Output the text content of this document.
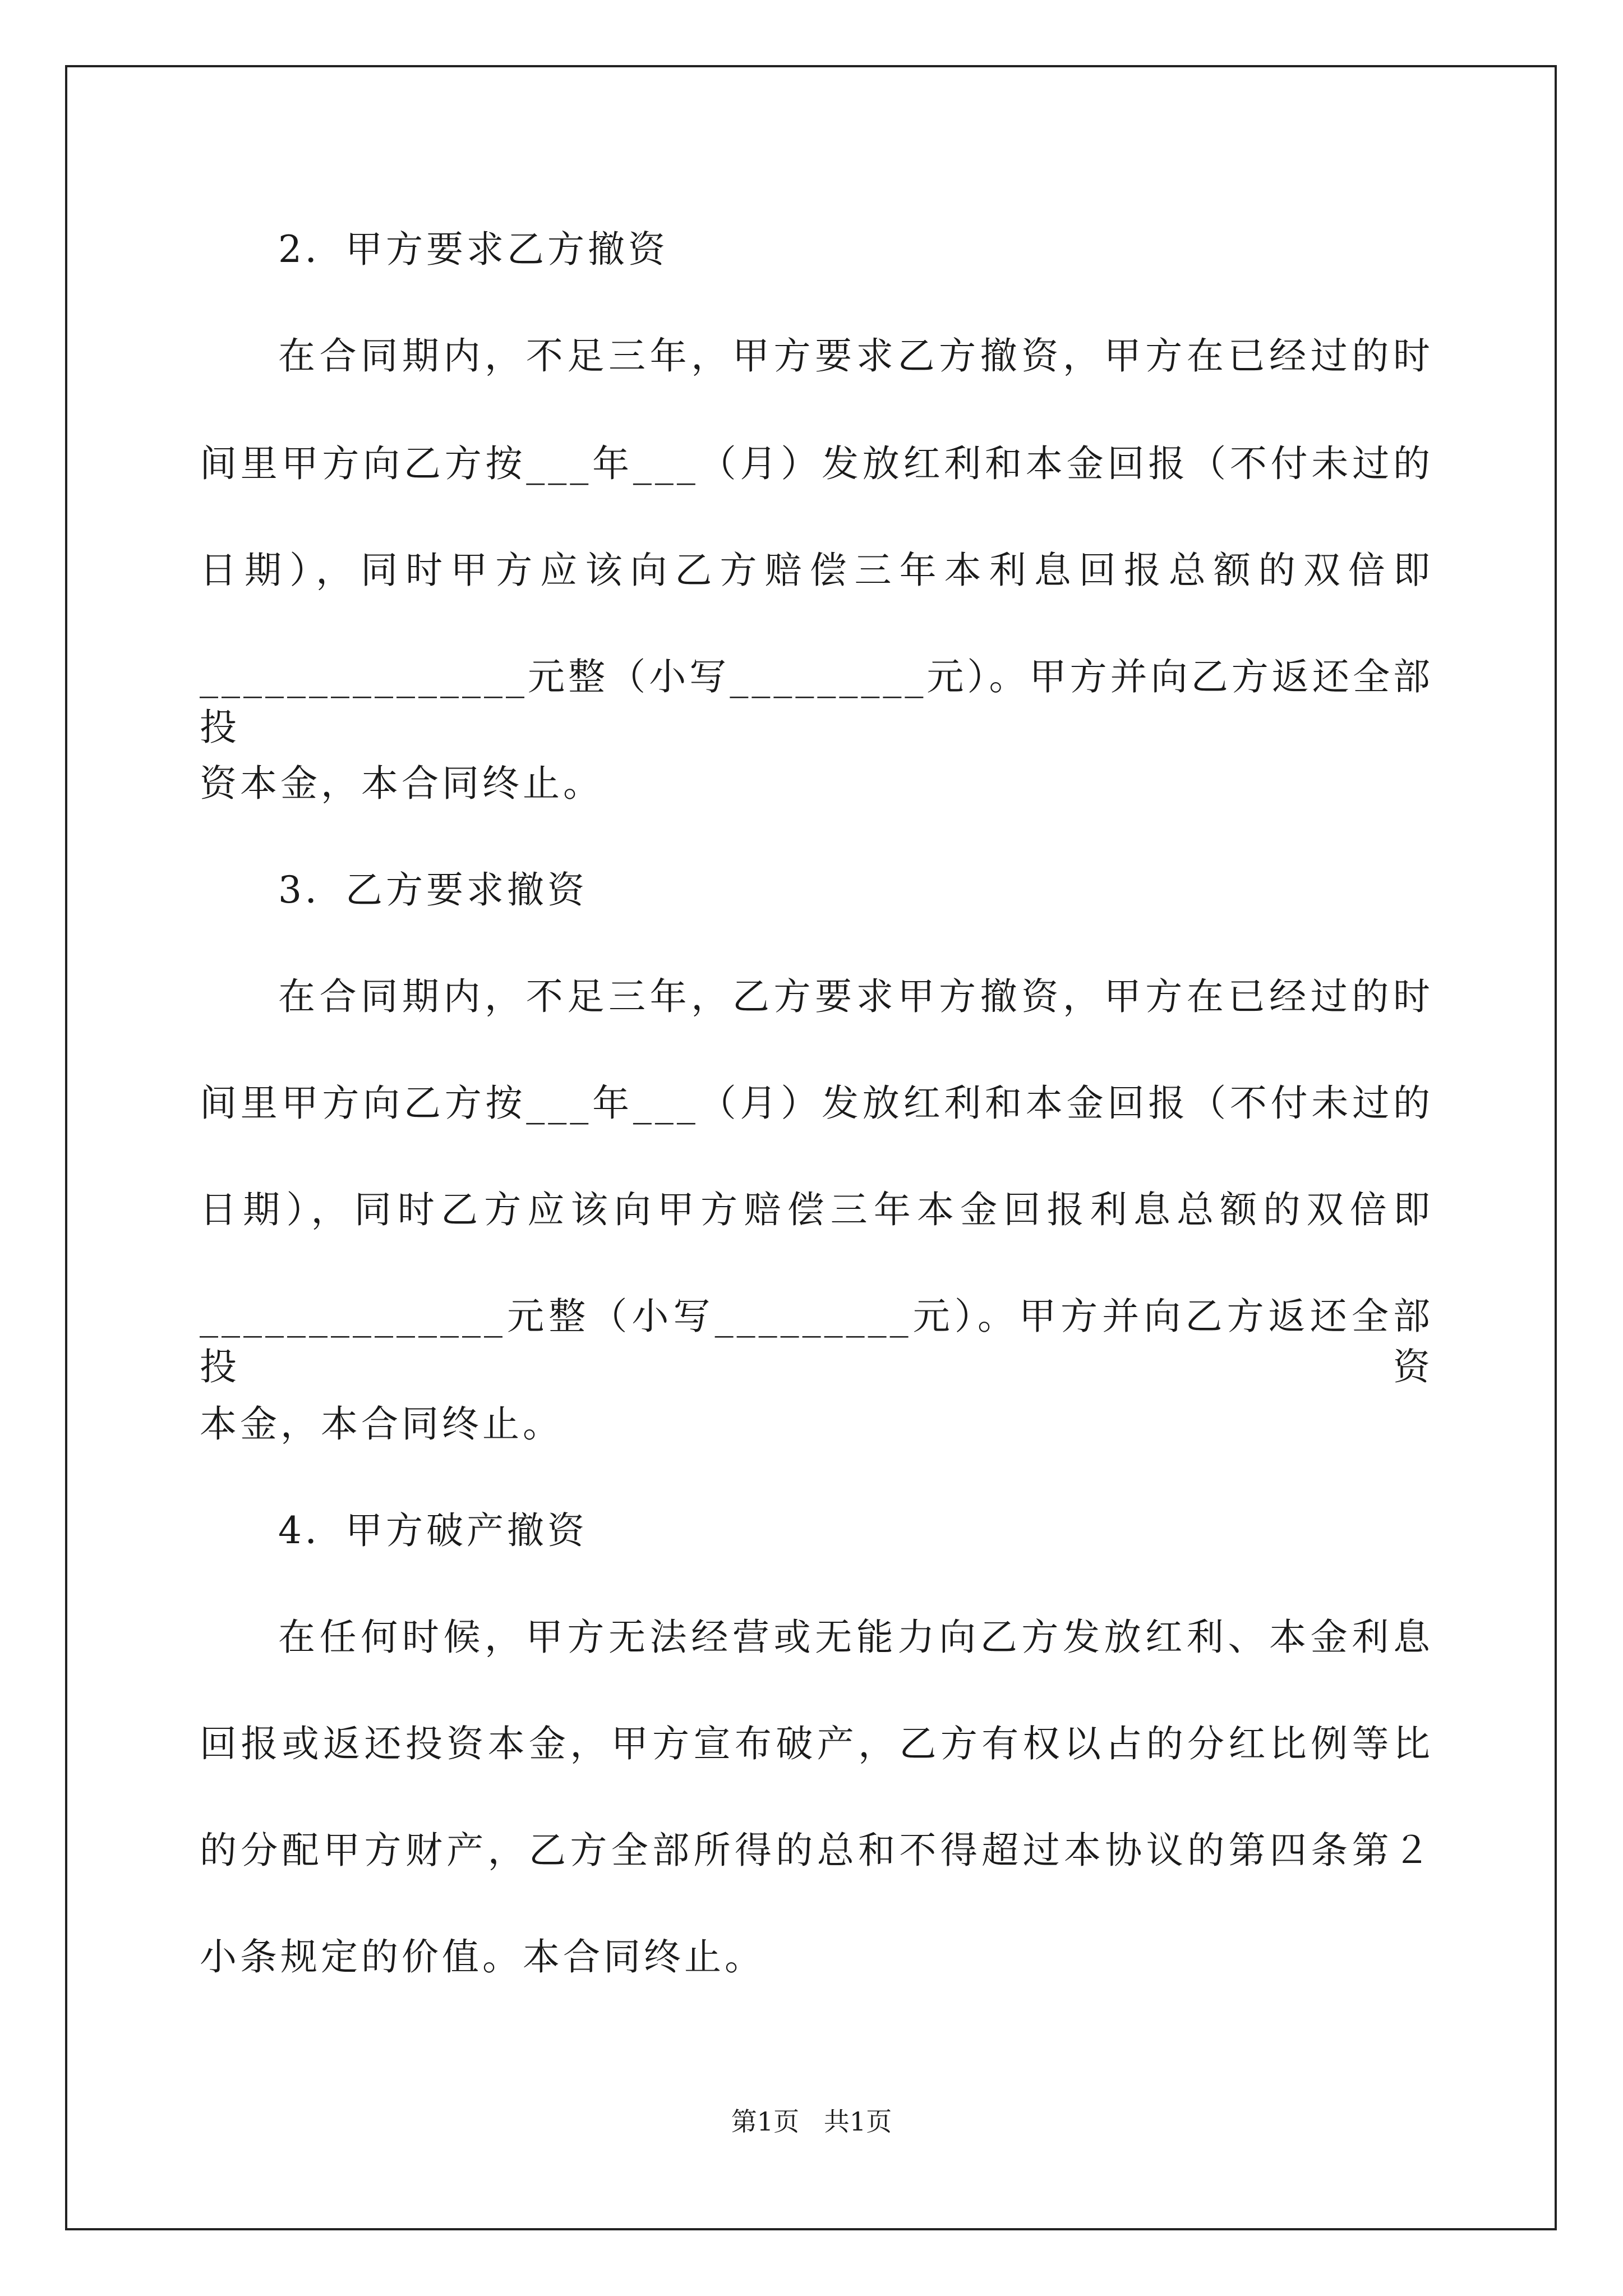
2．甲方要求乙方撤资
在合同期内，不足三年，甲方要求乙方撤资，甲方在已经过的时
间里甲方向乙方按___年___（月）发放红利和本金回报（不付未过的
日期），同时甲方应该向乙方赔偿三年本利息回报总额的双倍即
_______________元整（小写_________元）。甲方并向乙方返还全部投
资本金，本合同终止。
3．乙方要求撤资
在合同期内，不足三年，乙方要求甲方撤资，甲方在已经过的时
间里甲方向乙方按___年___（月）发放红利和本金回报（不付未过的
日期），同时乙方应该向甲方赔偿三年本金回报利息总额的双倍即
______________元整（小写_________元）。甲方并向乙方返还全部投资
本金，本合同终止。
4．甲方破产撤资
在任何时候，甲方无法经营或无能力向乙方发放红利、本金利息
回报或返还投资本金，甲方宣布破产，乙方有权以占的分红比例等比
的分配甲方财产，乙方全部所得的总和不得超过本协议的第四条第２
小条规定的价值。本合同终止。
第1页   共1页
